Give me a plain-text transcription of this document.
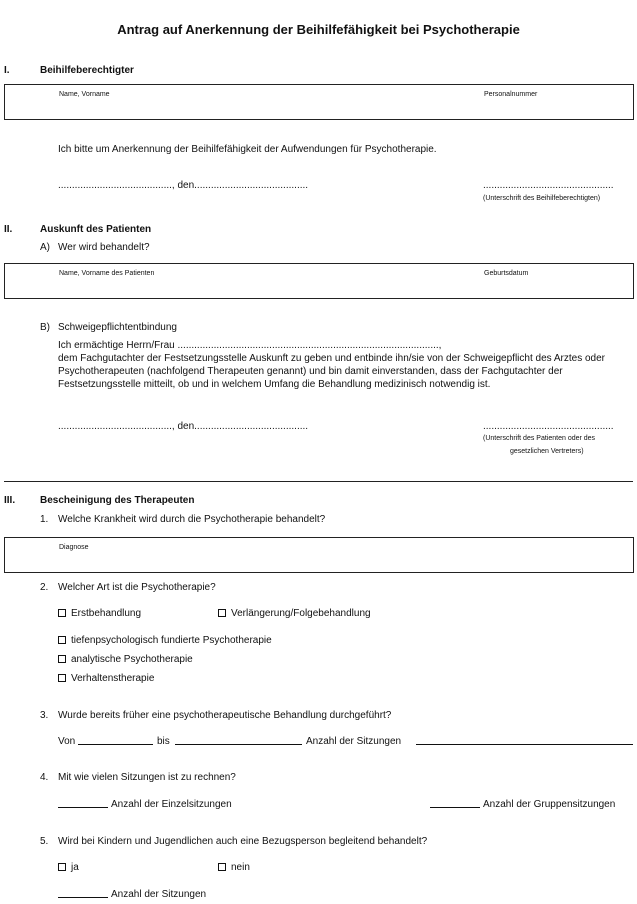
Antrag auf Anerkennung der Beihilfefähigkeit bei Psychotherapie
I.	Beihilfeberechtigter
Name, Vorname	Personalnummer
Ich bitte um Anerkennung der Beihilfefähigkeit der Aufwendungen für Psychotherapie.
........................................., den.........................................	...............................................
(Unterschrift des Beihilfeberechtigten)
II.	Auskunft des Patienten
A) Wer wird behandelt?
Name, Vorname des Patienten	Geburtsdatum
B) Schweigepflichtentbindung
Ich ermächtige Herrn/Frau ..............................................................................................,
dem Fachgutachter der Festsetzungsstelle Auskunft zu geben und entbinde ihn/sie von der Schweigepflicht des Arztes oder Psychotherapeuten (nachfolgend Therapeuten genannt) und bin damit einverstanden, dass der Fachgutachter der Festsetzungsstelle mitteilt, ob und in welchem Umfang die Behandlung medizinisch notwendig ist.
........................................., den.........................................	...............................................
(Unterschrift des Patienten oder des
gesetzlichen Vertreters)
III. Bescheinigung des Therapeuten
1. Welche Krankheit wird durch die Psychotherapie behandelt?
Diagnose
2. Welcher Art ist die Psychotherapie?
Erstbehandlung	Verlängerung/Folgebehandlung
tiefenpsychologisch fundierte Psychotherapie
analytische Psychotherapie
Verhaltenstherapie
3. Wurde bereits früher eine psychotherapeutische Behandlung durchgeführt?
Von	bis	Anzahl der Sitzungen
4. Mit wie vielen Sitzungen ist zu rechnen?
Anzahl der Einzelsitzungen	Anzahl der Gruppensitzungen
5. Wird bei Kindern und Jugendlichen auch eine Bezugsperson begleitend behandelt?
ja	nein
Anzahl der Sitzungen
